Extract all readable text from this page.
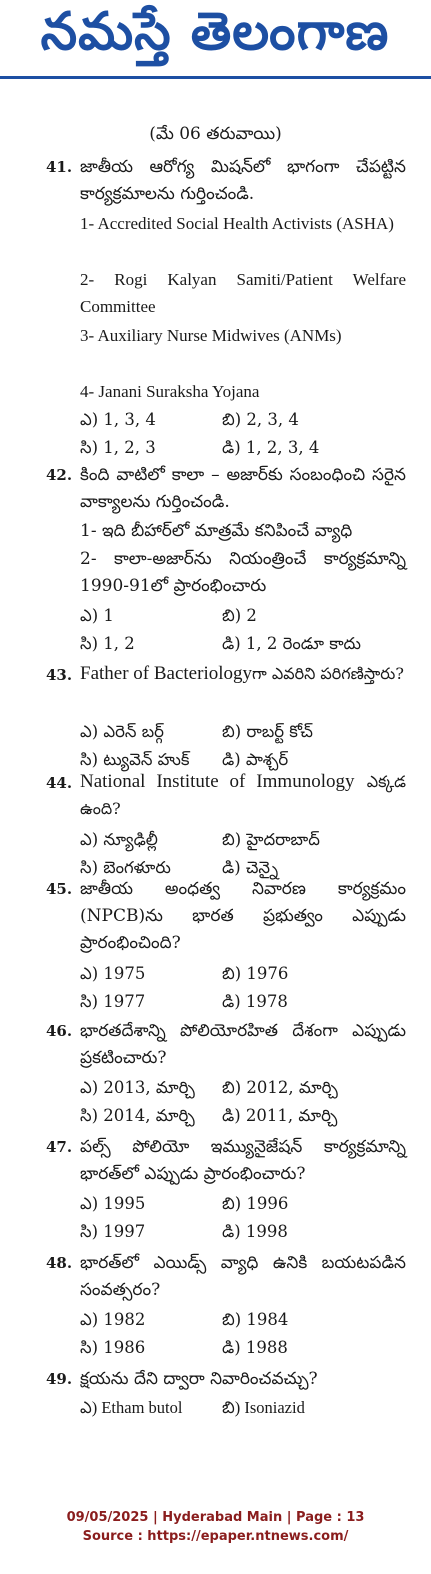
నమస్తే తెలంగాణ
(మే 06 తరువాయి)
41. జాతీయ ఆరోగ్య మిషన్‌లో భాగంగా చేపట్టిన కార్యక్రమాలను గుర్తించండి.
1- Accredited Social Health Activists (ASHA)
2- Rogi Kalyan Samiti/Patient Welfare Committee
3- Auxiliary Nurse Midwives (ANMs)
4- Janani Suraksha Yojana
ఎ) 1, 3, 4	బి) 2, 3, 4
సి) 1, 2, 3	డి) 1, 2, 3, 4
42. కింది వాటిలో కాలా – అజార్‌కు సంబంధించి సరైన వాక్యాలను గుర్తించండి.
1- ఇది బీహార్‌లో మాత్రమే కనిపించే వ్యాధి
2- కాలా-అజార్‌ను నియంత్రించే కార్యక్రమాన్ని 1990-91లో ప్రారంభించారు
ఎ) 1	బి) 2
సి) 1, 2	డి) 1, 2 రెండూ కాదు
43. Father of Bacteriologyగా ఎవరిని పరిగణిస్తారు?
ఎ) ఎరెన్ బర్గ్	బి) రాబర్ట్ కోచ్
సి) ట్యువెన్ హుక్ డి) పాశ్చర్
44. National Institute of Immunology ఎక్కడ ఉంది?
ఎ) న్యూఢిల్లీ	బి) హైదరాబాద్
సి) బెంగళూరు	డి) చెన్నై
45. జాతీయ అంధత్వ నివారణ కార్యక్రమం (NPCB)ను భారత ప్రభుత్వం ఎప్పుడు ప్రారంభించింది?
ఎ) 1975	బి) 1976
సి) 1977	డి) 1978
46. భారతదేశాన్ని పోలియోరహిత దేశంగా ఎప్పుడు ప్రకటించారు?
ఎ) 2013, మార్చి బి) 2012, మార్చి
సి) 2014, మార్చి డి) 2011, మార్చి
47. పల్స్ పోలియో ఇమ్యునైజేషన్ కార్యక్రమాన్ని భారత్‌లో ఎప్పుడు ప్రారంభించారు?
ఎ) 1995	బి) 1996
సి) 1997	డి) 1998
48. భారత్‌లో ఎయిడ్స్ వ్యాధి ఉనికి బయటపడిన సంవత్సరం?
ఎ) 1982	బి) 1984
సి) 1986	డి) 1988
49. క్షయను దేని ద్వారా నివారించవచ్చు?
ఎ) Etham butol బి) Isoniazid
09/05/2025 | Hyderabad Main | Page : 13
Source : https://epaper.ntnews.com/
